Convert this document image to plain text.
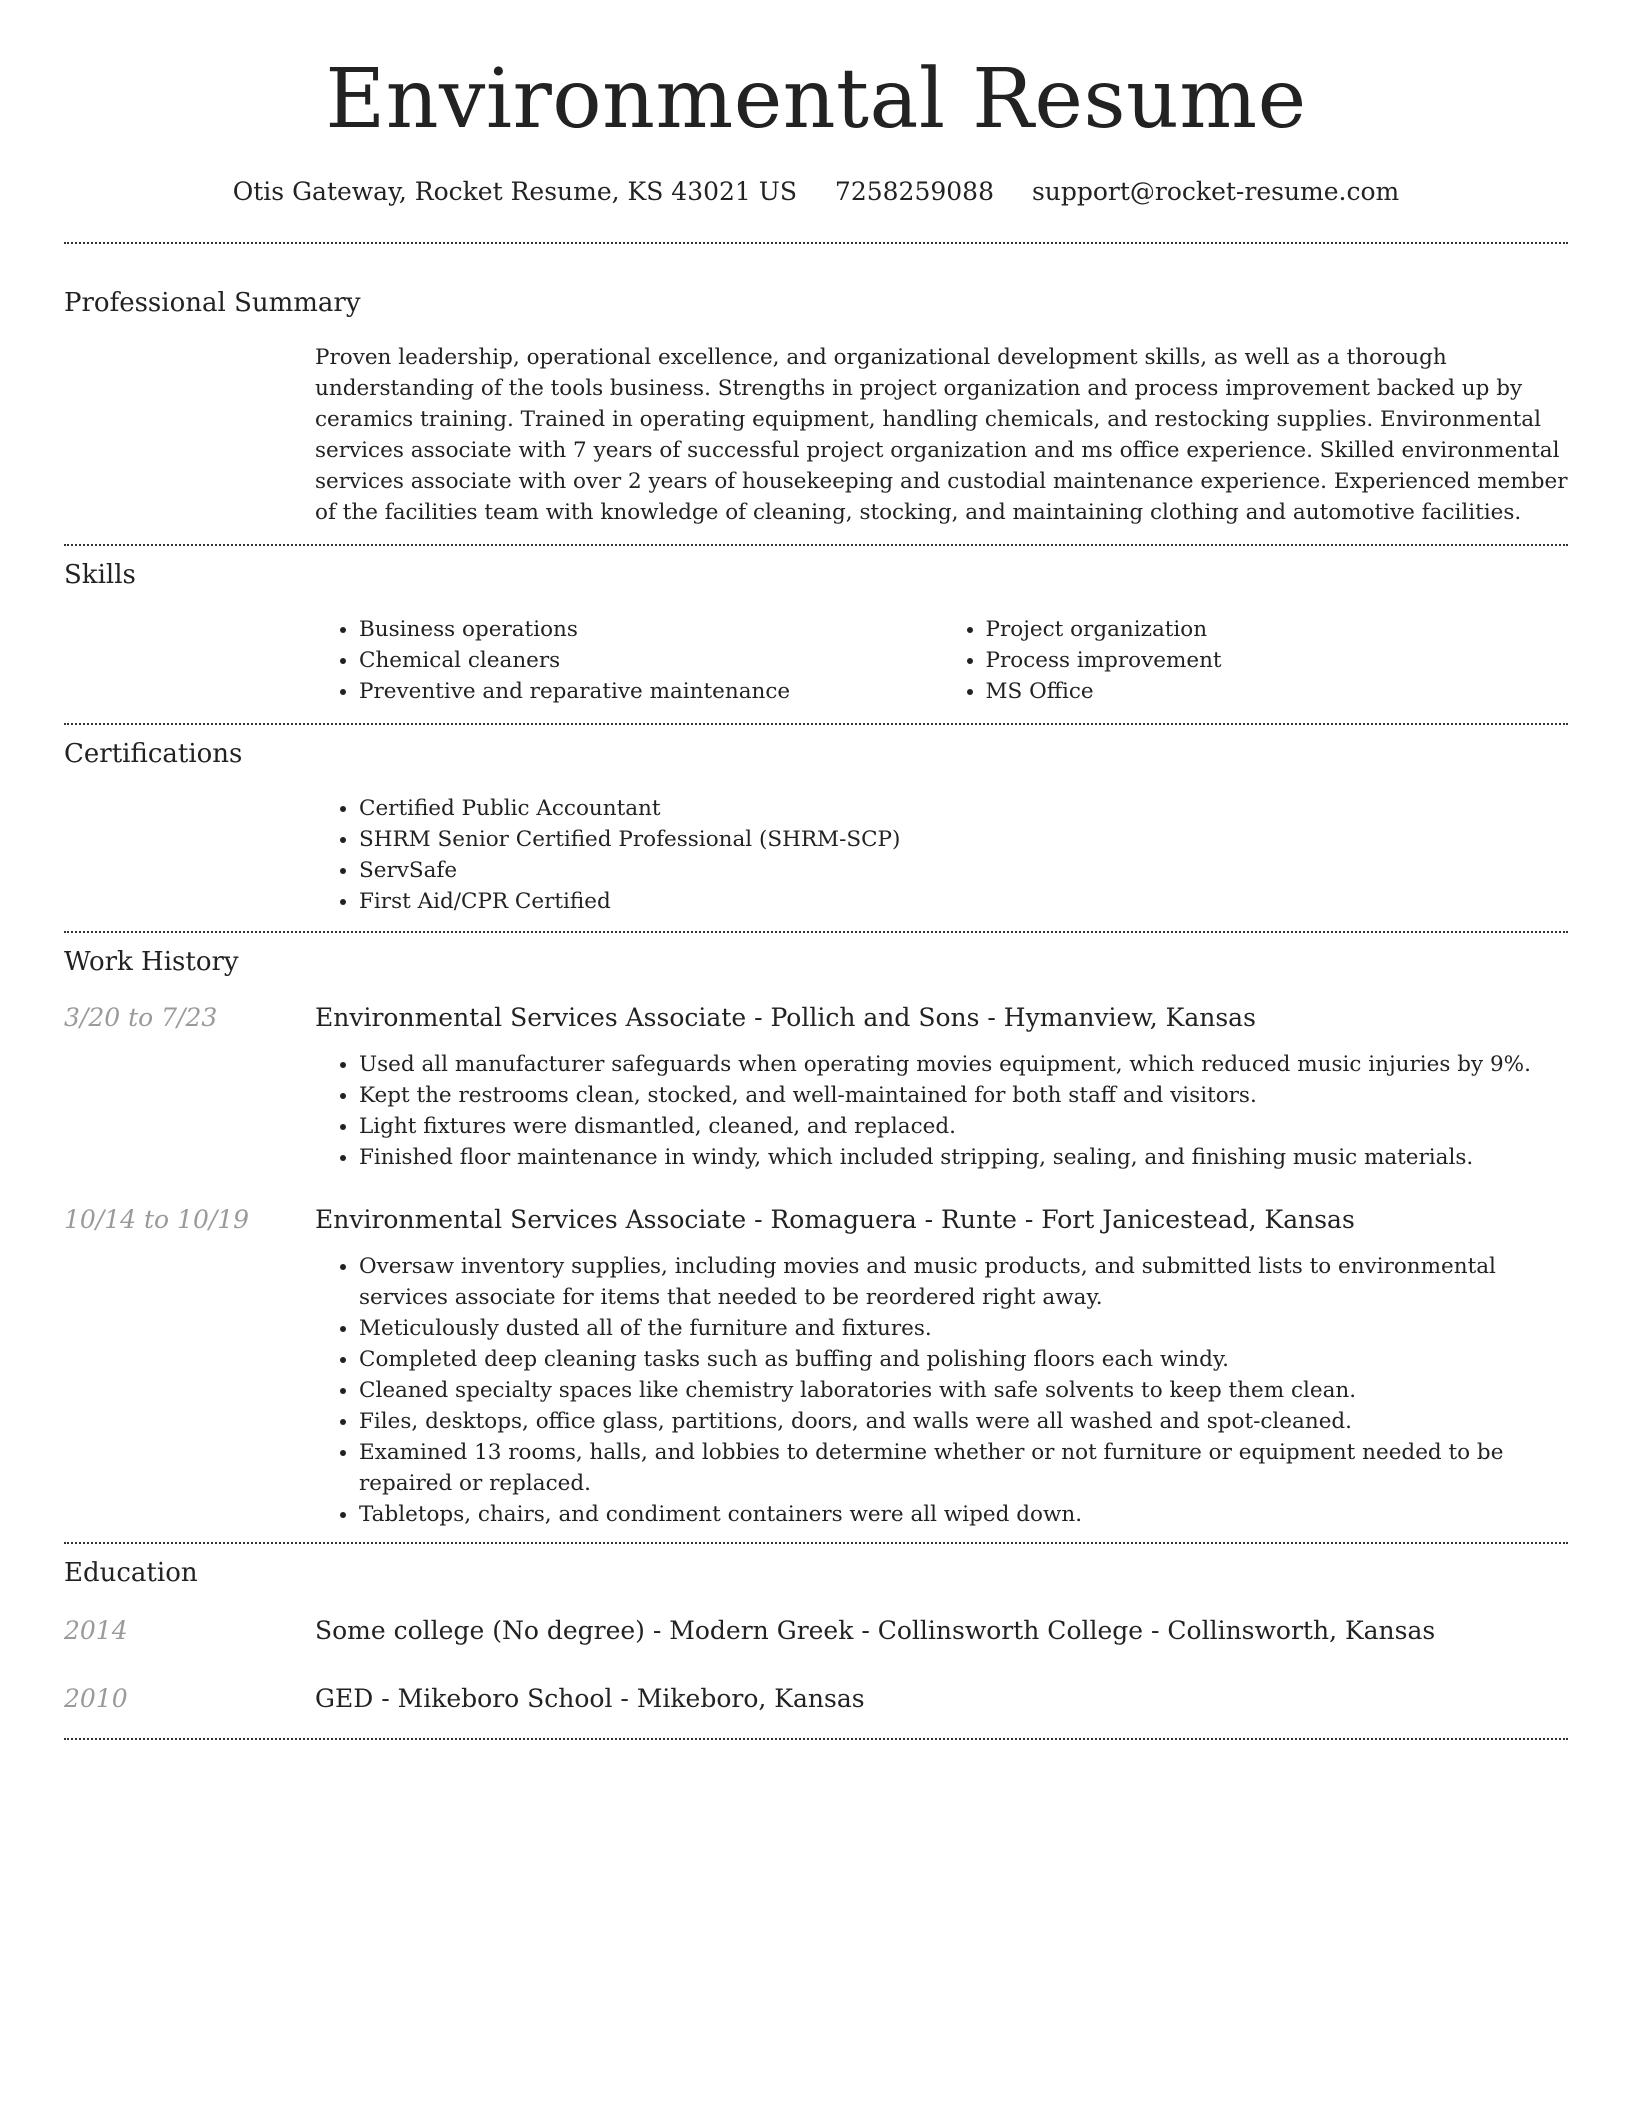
Environmental Resume
Otis Gateway, Rocket Resume, KS 43021 US 7258259088 support@rocket-resume.com
Professional Summary

Proven leadership, operational excellence, and organizational development skills, as well as a thorough understanding of the tools business. Strengths in project organization and process improvement backed up by ceramics training. Trained in operating equipment, handling chemicals, and restocking supplies. Environmental services associate with 7 years of successful project organization and ms office experience. Skilled environmental services associate with over 2 years of housekeeping and custodial maintenance experience. Experienced member of the facilities team with knowledge of cleaning, stocking, and maintaining clothing and automotive facilities.

Skills
• Business operations
• Chemical cleaners
• Preventive and reparative maintenance
• Project organization
• Process improvement
• MS Office
Certifications
• Certified Public Accountant
• SHRM Senior Certified Professional (SHRM-SCP)
• ServSafe
• First Aid/CPR Certified
Work History
3/20 to 7/23	Environmental Services Associate - Pollich and Sons - Hymanview, Kansas
• Used all manufacturer safeguards when operating movies equipment, which reduced music injuries by 9%.
• Kept the restrooms clean, stocked, and well-maintained for both staff and visitors.
• Light fixtures were dismantled, cleaned, and replaced.
• Finished floor maintenance in windy, which included stripping, sealing, and finishing music materials.
10/14 to 10/19	Environmental Services Associate - Romaguera - Runte - Fort Janicestead, Kansas
• Oversaw inventory supplies, including movies and music products, and submitted lists to environmental services associate for items that needed to be reordered right away.
• Meticulously dusted all of the furniture and fixtures.
• Completed deep cleaning tasks such as buffing and polishing floors each windy.
• Cleaned specialty spaces like chemistry laboratories with safe solvents to keep them clean.
• Files, desktops, office glass, partitions, doors, and walls were all washed and spot-cleaned.
• Examined 13 rooms, halls, and lobbies to determine whether or not furniture or equipment needed to be repaired or replaced.
• Tabletops, chairs, and condiment containers were all wiped down.
Education
2014	Some college (No degree) - Modern Greek - Collinsworth College - Collinsworth, Kansas
2010	GED - Mikeboro School - Mikeboro, Kansas
